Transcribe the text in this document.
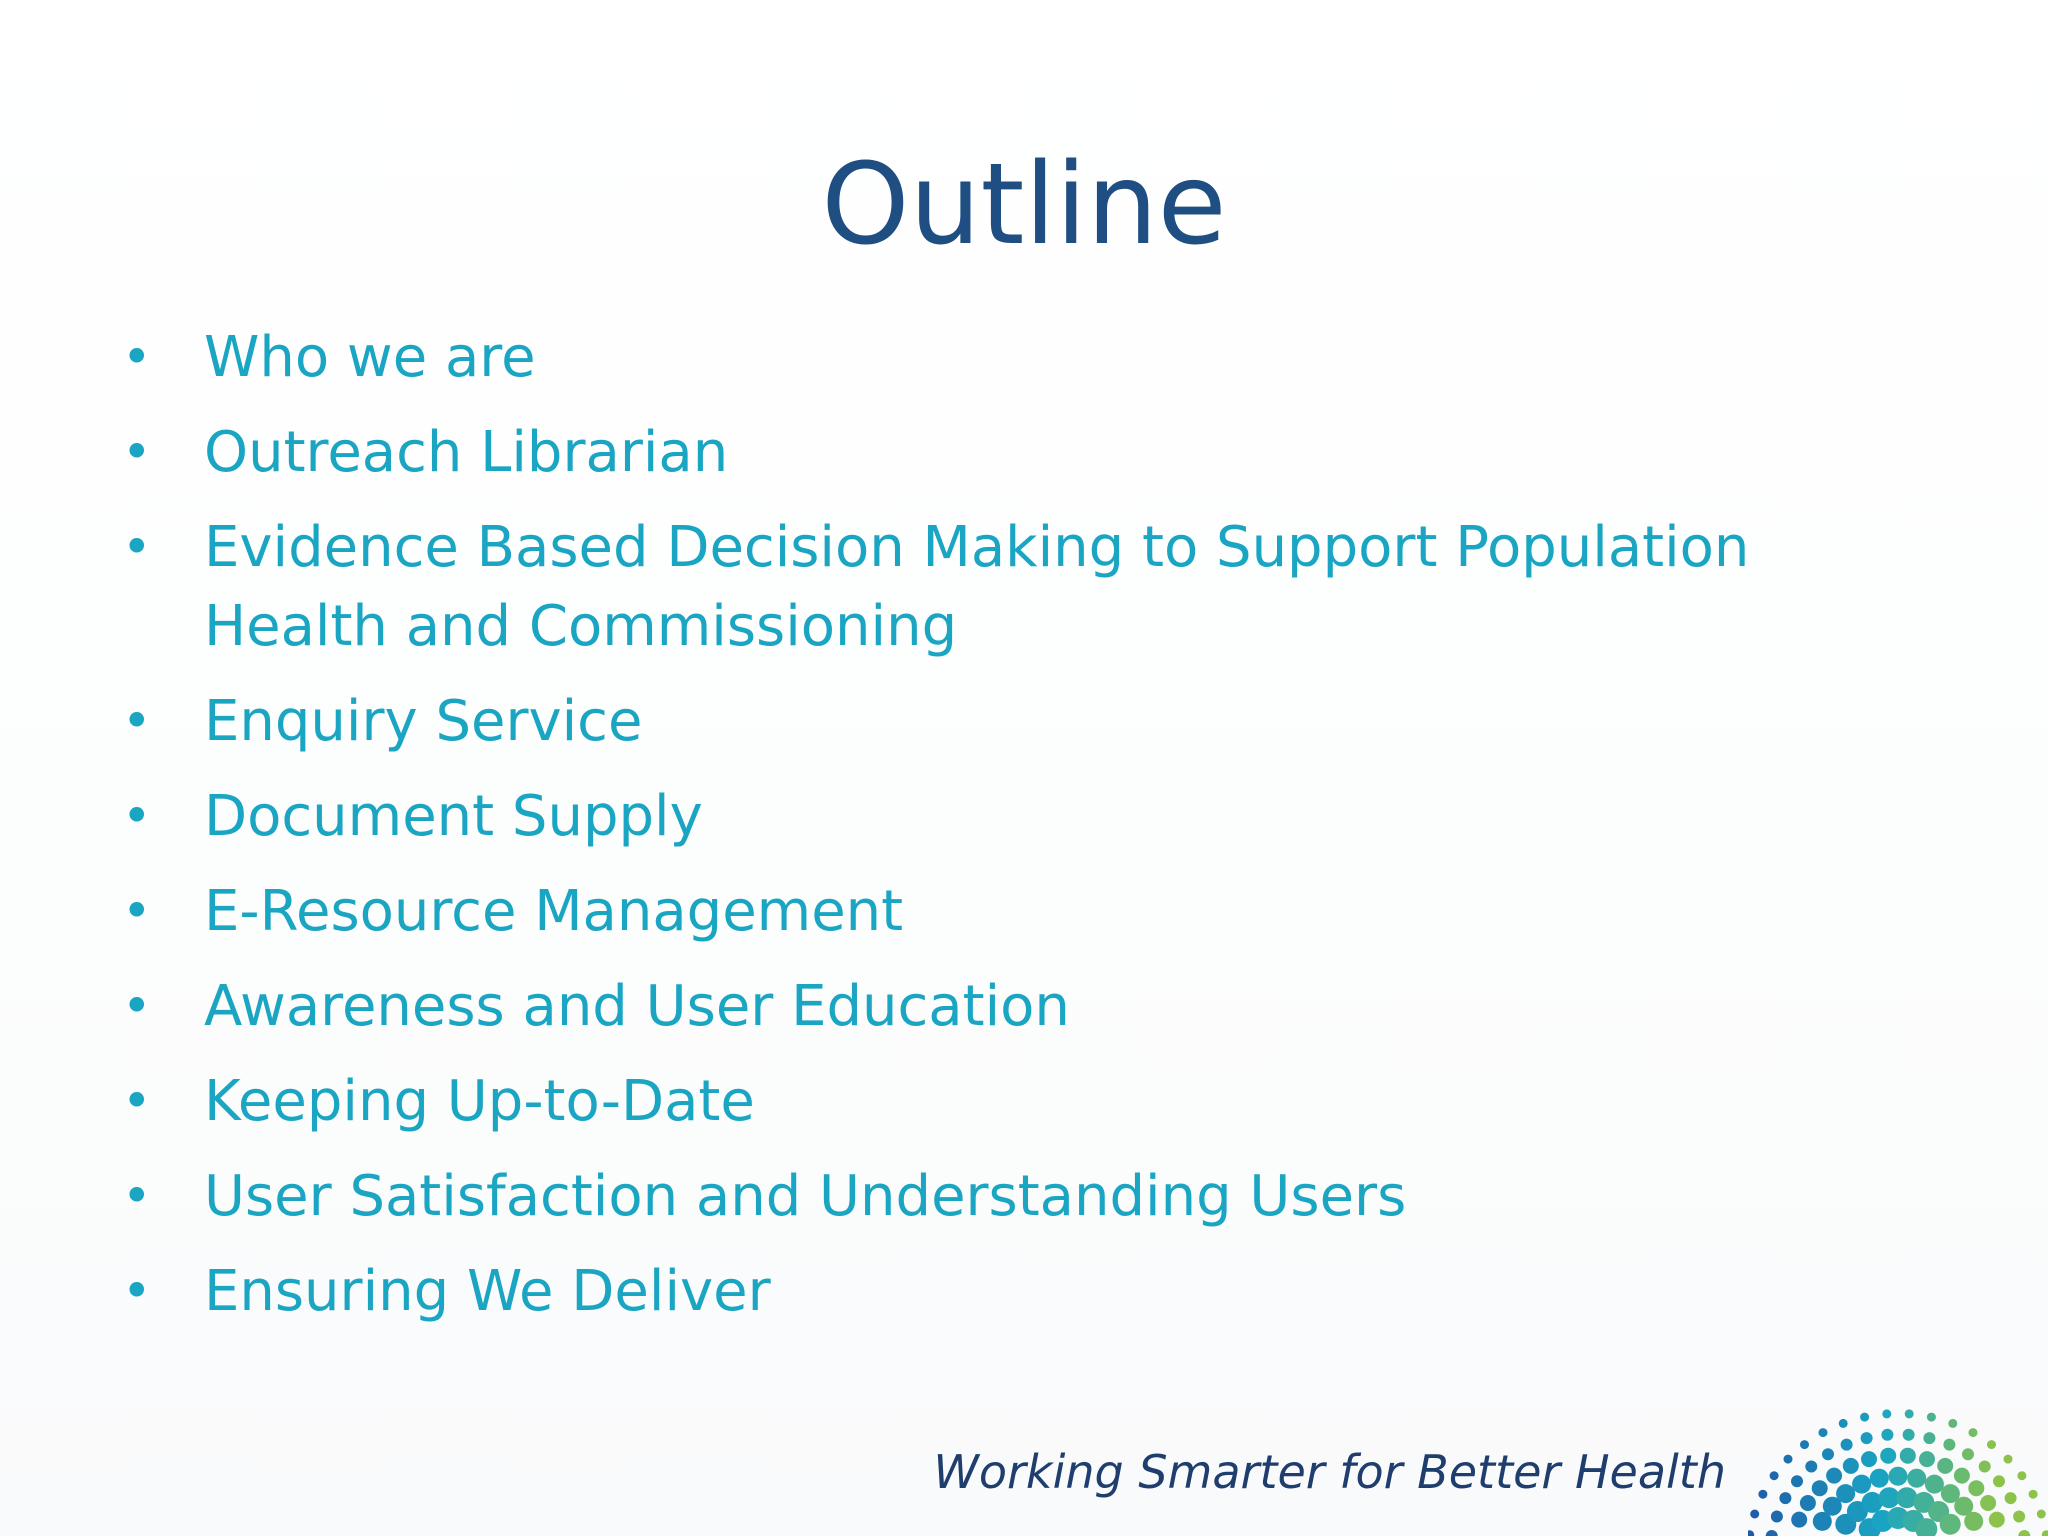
Outline
• Who we are
• Outreach Librarian
• Evidence Based Decision Making to Support Population Health and Commissioning
• Enquiry Service
• Document Supply
• E-Resource Management
• Awareness and User Education
• Keeping Up-to-Date
• User Satisfaction and Understanding Users
• Ensuring We Deliver
Working Smarter for Better Health
